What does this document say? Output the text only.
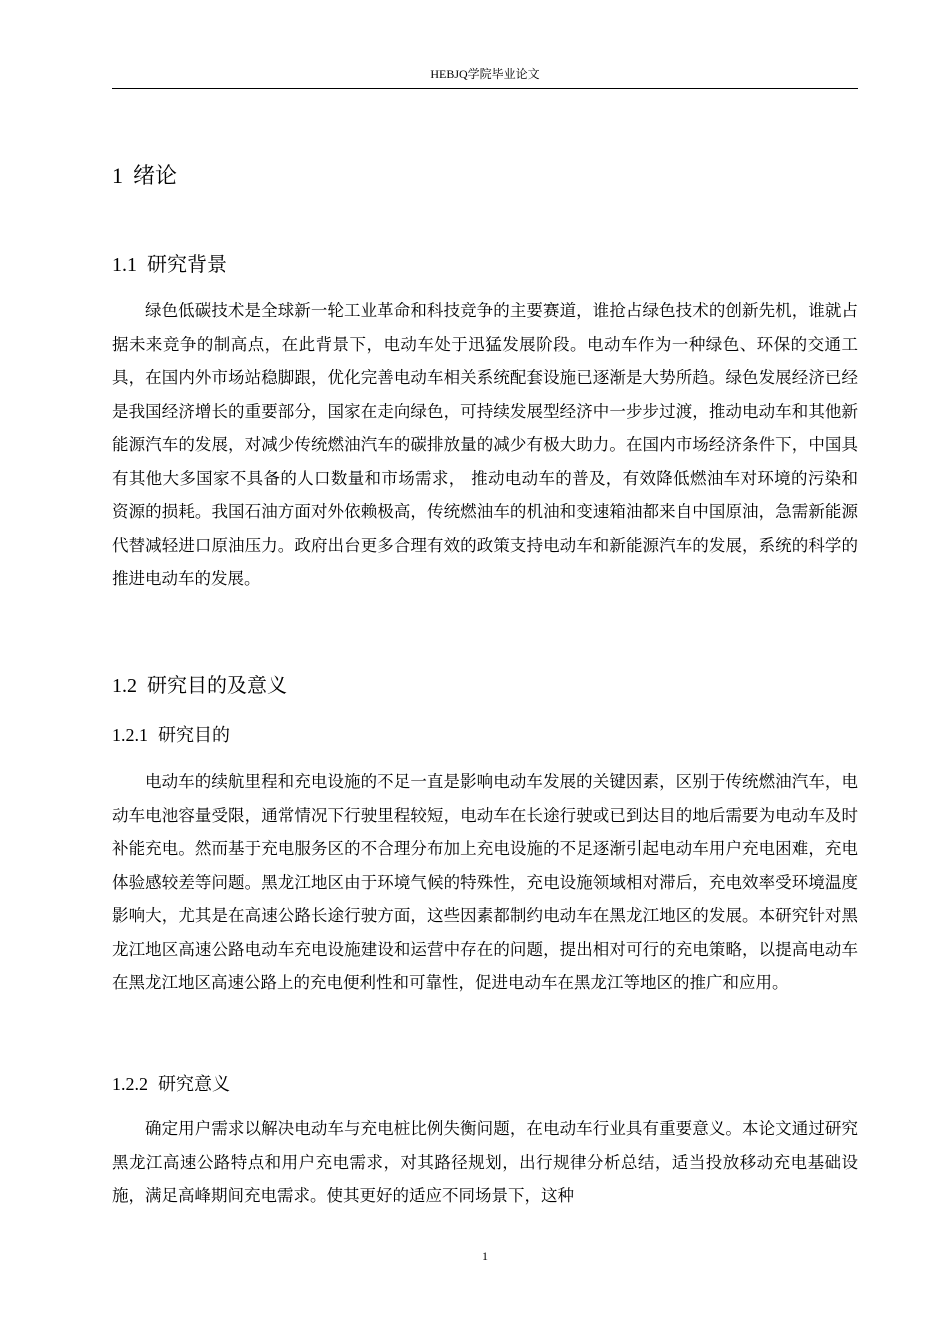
HEBJQ学院毕业论文
1 绪论
1.1 研究背景

绿色低碳技术是全球新一轮工业革命和科技竞争的主要赛道，谁抢占绿色技术的创新先机，谁就占据未来竞争的制高点，在此背景下，电动车处于迅猛发展阶段。电动车作为一种绿色、环保的交通工具，在国内外市场站稳脚跟，优化完善电动车相关系统配套设施已逐渐是大势所趋。绿色发展经济已经是我国经济增长的重要部分，国家在走向绿色，可持续发展型经济中一步步过渡，推动电动车和其他新能源汽车的发展，对减少传统燃油汽车的碳排放量的减少有极大助力。在国内市场经济条件下，中国具有其他大多国家不具备的人口数量和市场需求， 推动电动车的普及，有效降低燃油车对环境的污染和资源的损耗。我国石油方面对外依赖极高，传统燃油车的机油和变速箱油都来自中国原油，急需新能源代替减轻进口原油压力。政府出台更多合理有效的政策支持电动车和新能源汽车的发展，系统的科学的推进电动车的发展。

1.2 研究目的及意义
1.2.1 研究目的

电动车的续航里程和充电设施的不足一直是影响电动车发展的关键因素，区别于传统燃油汽车，电动车电池容量受限，通常情况下行驶里程较短，电动车在长途行驶或已到达目的地后需要为电动车及时补能充电。然而基于充电服务区的不合理分布加上充电设施的不足逐渐引起电动车用户充电困难，充电体验感较差等问题。黑龙江地区由于环境气候的特殊性，充电设施领域相对滞后，充电效率受环境温度影响大，尤其是在高速公路长途行驶方面，这些因素都制约电动车在黑龙江地区的发展。本研究针对黑龙江地区高速公路电动车充电设施建设和运营中存在的问题，提出相对可行的充电策略，以提高电动车在黑龙江地区高速公路上的充电便利性和可靠性，促进电动车在黑龙江等地区的推广和应用。

1.2.2 研究意义

确定用户需求以解决电动车与充电桩比例失衡问题，在电动车行业具有重要意义。本论文通过研究黑龙江高速公路特点和用户充电需求，对其路径规划，出行规律分析总结，适当投放移动充电基础设施，满足高峰期间充电需求。使其更好的适应不同场景下，这种

1
